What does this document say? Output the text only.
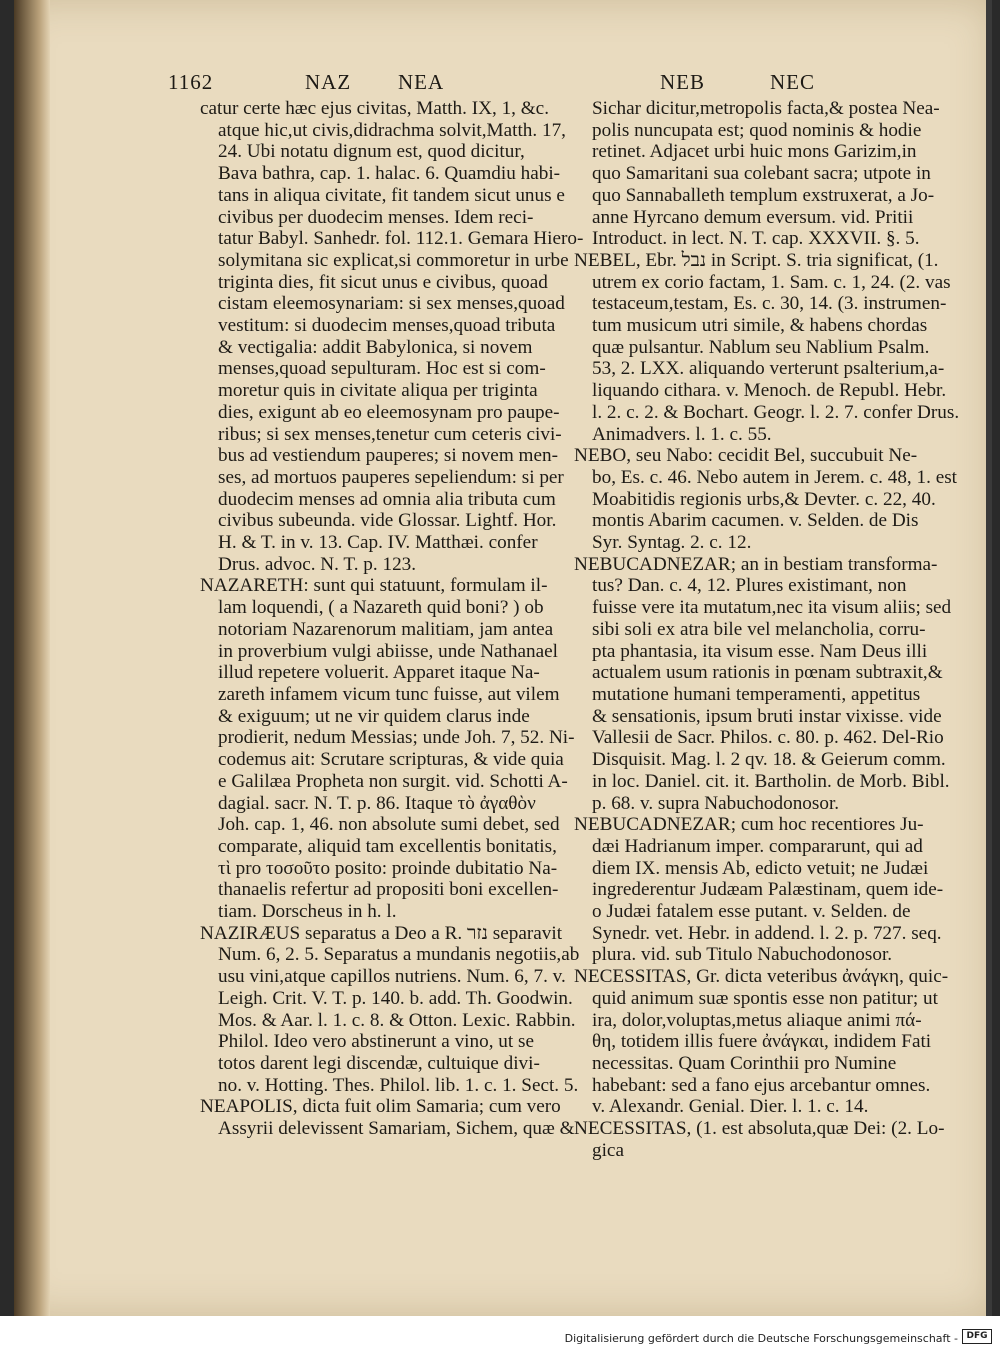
1162	NAZ NEA	NEB	NEC

catur certe hæc ejus civitas, Matth. IX, 1, &c.

atque hic,ut civis,didrachma solvit,Matth. 17,

24. Ubi notatu dignum est, quod dicitur,

Bava bathra, cap. 1. halac. 6. Quamdiu habi-

tans in aliqua civitate, fit tandem sicut unus e

civibus per duodecim menses. Idem reci-

tatur Babyl. Sanhedr. fol. 112.1. Gemara Hiero-

solymitana sic explicat,si commoretur in urbe

triginta dies, fit sicut unus e civibus, quoad

cistam eleemosynariam: si sex menses,quoad

vestitum: si duodecim menses,quoad tributa

& vectigalia: addit Babylonica, si novem

menses,quoad sepulturam. Hoc est si com-

moretur quis in civitate aliqua per triginta

dies, exigunt ab eo eleemosynam pro paupe-

ribus; si sex menses,tenetur cum ceteris civi-

bus ad vestiendum pauperes; si novem men-

ses, ad mortuos pauperes sepeliendum: si per

duodecim menses ad omnia alia tributa cum

civibus subeunda. vide Glossar. Lightf. Hor.

H. & T. in v. 13. Cap. IV. Matthæi. confer

Drus. advoc. N. T. p. 123.

NAZARETH: sunt qui statuunt, formulam il-

lam loquendi, ( a Nazareth quid boni? ) ob

notoriam Nazarenorum malitiam, jam antea

in proverbium vulgi abiisse, unde Nathanael

illud repetere voluerit. Apparet itaque Na-

zareth infamem vicum tunc fuisse, aut vilem

& exiguum; ut ne vir quidem clarus inde

prodierit, nedum Messias; unde Joh. 7, 52. Ni-

codemus ait: Scrutare scripturas, & vide quia

e Galilæa Propheta non surgit. vid. Schotti A-

dagial. sacr. N. T. p. 86. Itaque τὸ ἀγαθὸν

Joh. cap. 1, 46. non absolute sumi debet, sed

comparate, aliquid tam excellentis bonitatis,

τὶ pro τοσοῦτο posito: proinde dubitatio Na-

thanaelis refertur ad propositi boni excellen-

tiam. Dorscheus in h. l.

NAZIRÆUS separatus a Deo a R. נזר separavit

Num. 6, 2. 5. Separatus a mundanis negotiis,ab

usu vini,atque capillos nutriens. Num. 6, 7. v.

Leigh. Crit. V. T. p. 140. b. add. Th. Goodwin.

Mos. & Aar. l. 1. c. 8. & Otton. Lexic. Rabbin.

Philol. Ideo vero abstinerunt a vino, ut se

totos darent legi discendæ, cultuique divi-

no. v. Hotting. Thes. Philol. lib. 1. c. 1. Sect. 5.

NEAPOLIS, dicta fuit olim Samaria; cum vero

Assyrii delevissent Samariam, Sichem, quæ &

Sichar dicitur,metropolis facta,& postea Nea-

polis nuncupata est; quod nominis & hodie

retinet. Adjacet urbi huic mons Garizim,in

quo Samaritani sua colebant sacra; utpote in

quo Sannaballeth templum exstruxerat, a Jo-

anne Hyrcano demum eversum. vid. Pritii

Introduct. in lect. N. T. cap. XXXVII. §. 5.

NEBEL, Ebr. נבל in Script. S. tria significat, (1.

utrem ex corio factam, 1. Sam. c. 1, 24. (2. vas

testaceum,testam, Es. c. 30, 14. (3. instrumen-

tum musicum utri simile, & habens chordas

quæ pulsantur. Nablum seu Nablium Psalm.

53, 2. LXX. aliquando verterunt psalterium,a-

liquando cithara. v. Menoch. de Republ. Hebr.

l. 2. c. 2. & Bochart. Geogr. l. 2. 7. confer Drus.

Animadvers. l. 1. c. 55.

NEBO, seu Nabo: cecidit Bel, succubuit Ne-

bo, Es. c. 46. Nebo autem in Jerem. c. 48, 1. est

Moabitidis regionis urbs,& Devter. c. 22, 40.

montis Abarim cacumen. v. Selden. de Dis

Syr. Syntag. 2. c. 12.

NEBUCADNEZAR; an in bestiam transforma-

tus? Dan. c. 4, 12. Plures existimant, non

fuisse vere ita mutatum,nec ita visum aliis; sed

sibi soli ex atra bile vel melancholia, corru-

pta phantasia, ita visum esse. Nam Deus illi

actualem usum rationis in pœnam subtraxit,&

mutatione humani temperamenti, appetitus

& sensationis, ipsum bruti instar vixisse. vide

Vallesii de Sacr. Philos. c. 80. p. 462. Del-Rio

Disquisit. Mag. l. 2 qv. 18. & Geierum comm.

in loc. Daniel. cit. it. Bartholin. de Morb. Bibl.

p. 68. v. supra Nabuchodonosor.

NEBUCADNEZAR; cum hoc recentiores Ju-

dæi Hadrianum imper. compararunt, qui ad

diem IX. mensis Ab, edicto vetuit; ne Judæi

ingrederentur Judæam Palæstinam, quem ide-

o Judæi fatalem esse putant. v. Selden. de

Synedr. vet. Hebr. in addend. l. 2. p. 727. seq.

plura. vid. sub Titulo Nabuchodonosor.

NECESSITAS, Gr. dicta veteribus ἀνάγκη, quic-

quid animum suæ spontis esse non patitur; ut

ira, dolor,voluptas,metus aliaque animi πά-

θη, totidem illis fuere ἀνάγκαι, indidem Fati

necessitas. Quam Corinthii pro Numine

habebant: sed a fano ejus arcebantur omnes.

v. Alexandr. Genial. Dier. l. 1. c. 14.

NECESSITAS, (1. est absoluta,quæ Dei: (2. Lo-

gica

Digitalisierung gefördert durch die Deutsche Forschungsgemeinschaft - DFG
